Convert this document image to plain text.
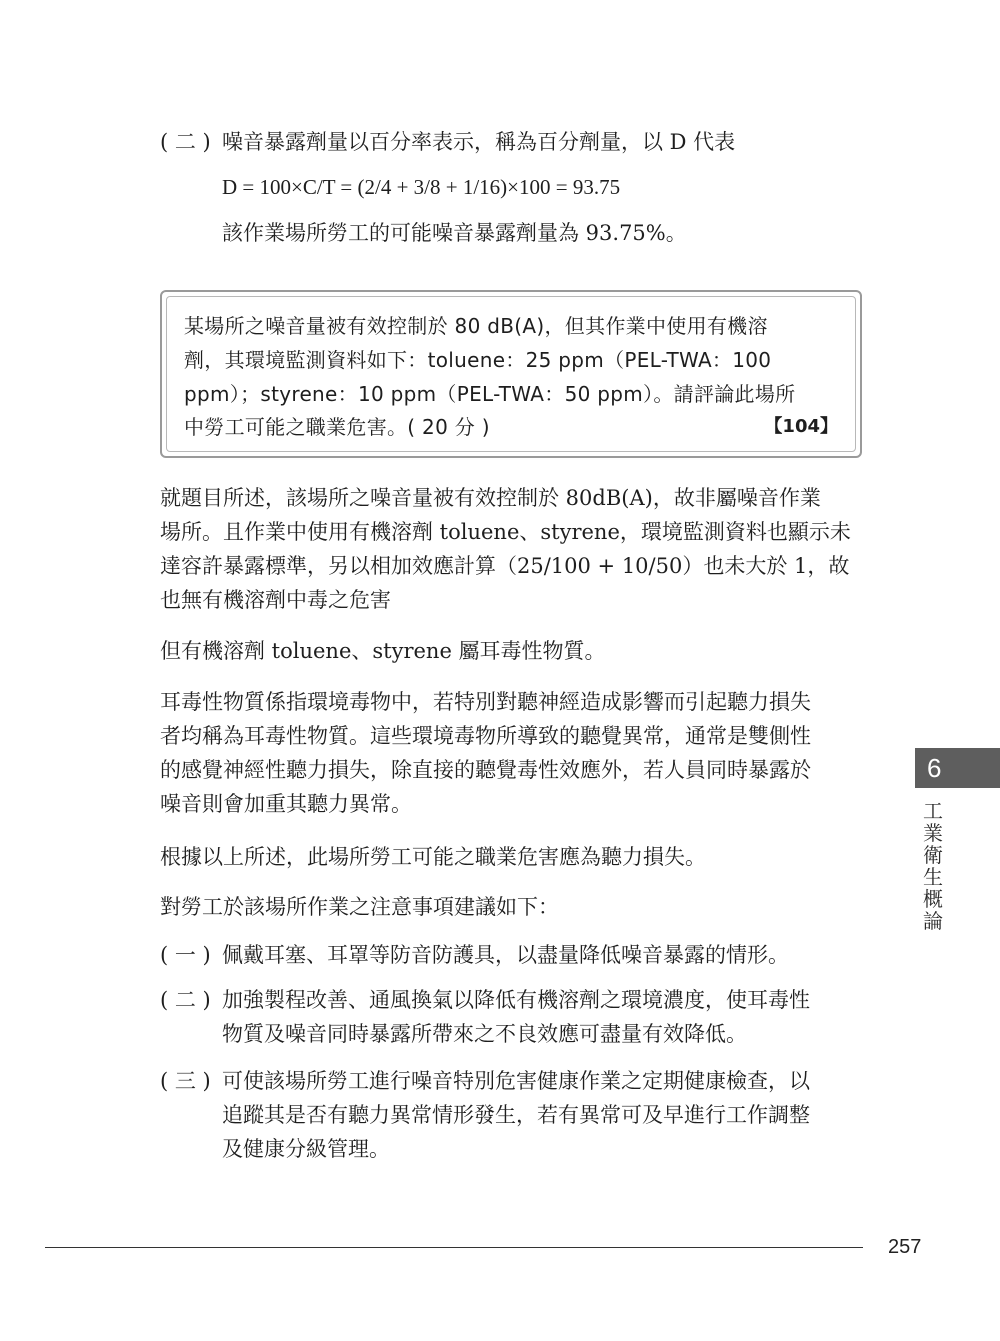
( 二 ) 噪音暴露劑量以百分率表示，稱為百分劑量，以 D 代表
D = 100×C/T = (2/4 + 3/8 + 1/16)×100 = 93.75
該作業場所勞工的可能噪音暴露劑量為 93.75%。
某場所之噪音量被有效控制於 80 dB(A)，但其作業中使用有機溶
劑，其環境監測資料如下：toluene：25 ppm（PEL-TWA：100
ppm）；styrene：10 ppm（PEL-TWA：50 ppm）。請評論此場所
中勞工可能之職業危害。( 20 分 )	【104】
就題目所述，該場所之噪音量被有效控制於 80dB(A)，故非屬噪音作業
場所。且作業中使用有機溶劑 toluene、styrene，環境監測資料也顯示未
達容許暴露標準，另以相加效應計算（25/100 + 10/50）也未大於 1，故
也無有機溶劑中毒之危害
但有機溶劑 toluene、styrene 屬耳毒性物質。
耳毒性物質係指環境毒物中，若特別對聽神經造成影響而引起聽力損失
者均稱為耳毒性物質。這些環境毒物所導致的聽覺異常，通常是雙側性
的感覺神經性聽力損失，除直接的聽覺毒性效應外，若人員同時暴露於
噪音則會加重其聽力異常。
根據以上所述，此場所勞工可能之職業危害應為聽力損失。
對勞工於該場所作業之注意事項建議如下：
( 一 ) 佩戴耳塞、耳罩等防音防護具，以盡量降低噪音暴露的情形。
( 二 ) 加強製程改善、通風換氣以降低有機溶劑之環境濃度，使耳毒性
物質及噪音同時暴露所帶來之不良效應可盡量有效降低。
( 三 ) 可使該場所勞工進行噪音特別危害健康作業之定期健康檢查，以
追蹤其是否有聽力異常情形發生，若有異常可及早進行工作調整
及健康分級管理。
6
工
業
衛
生
概
論
257
